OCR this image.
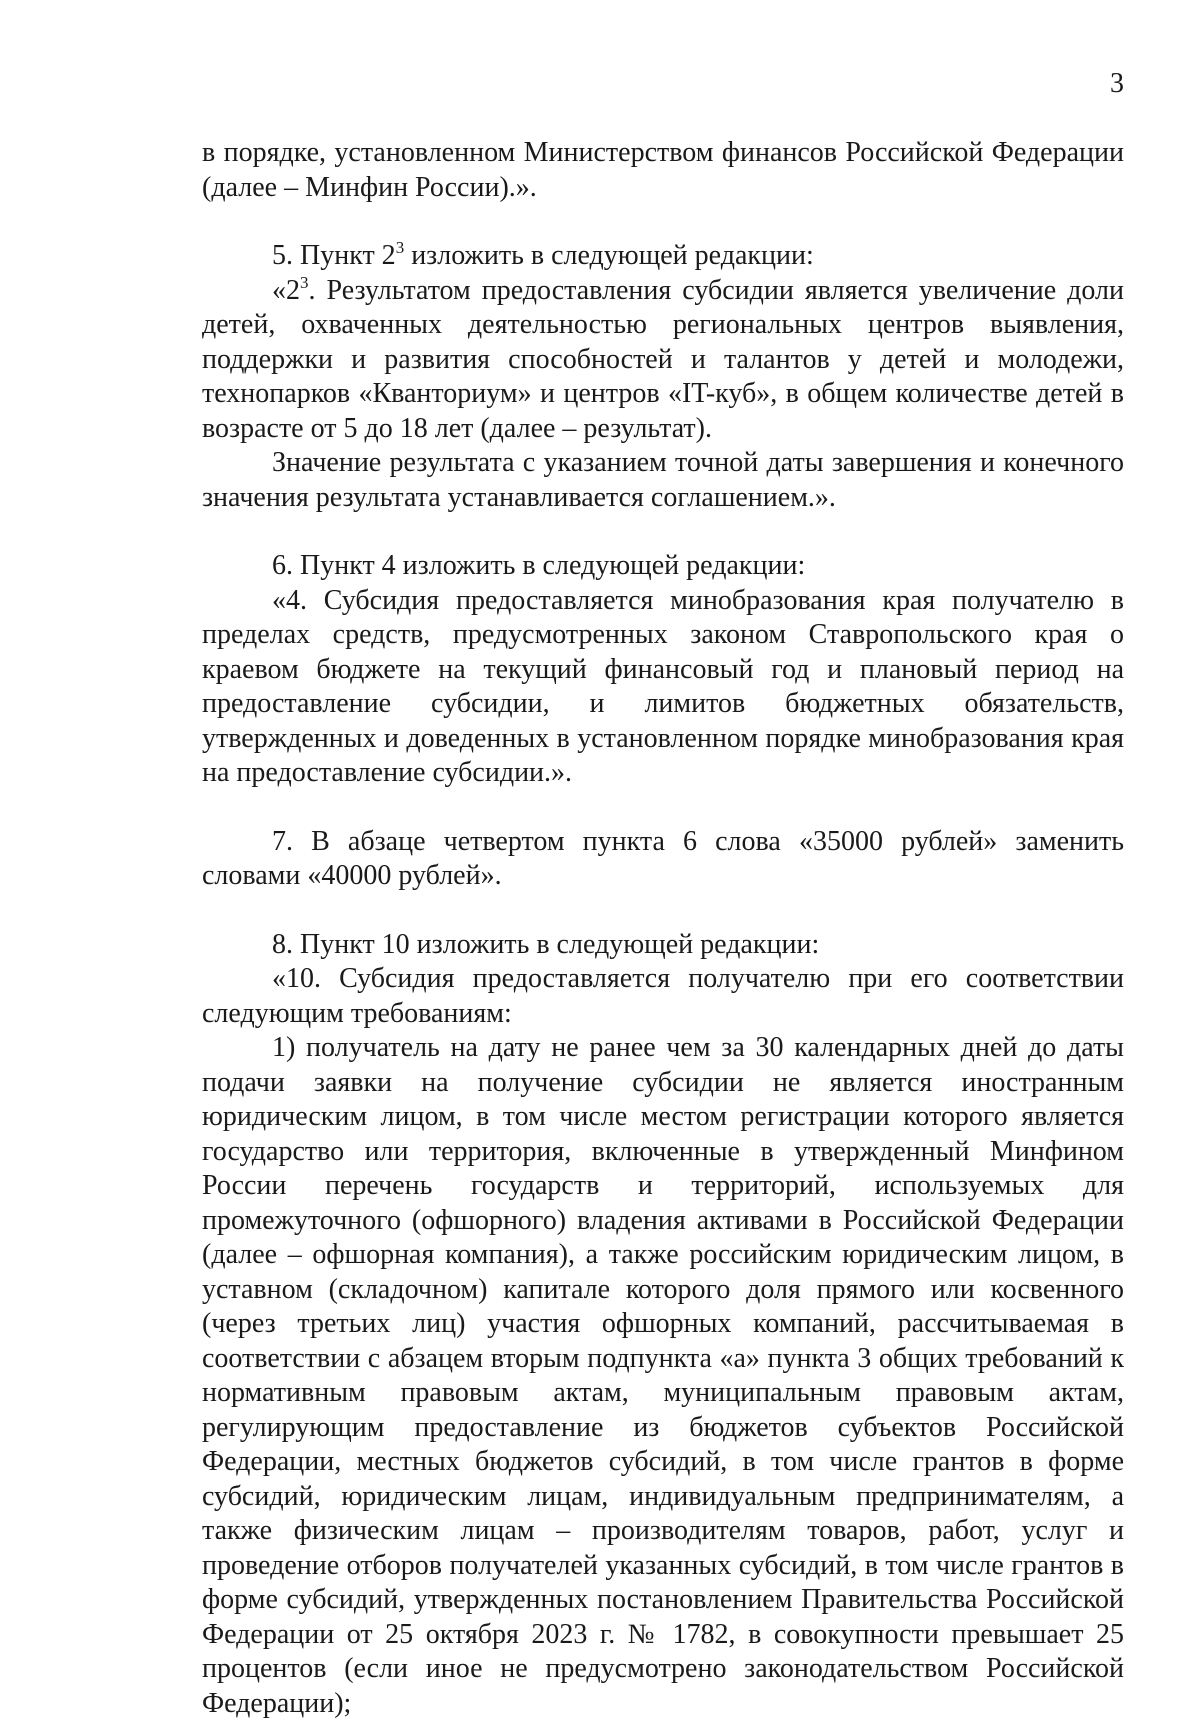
3

в порядке, установленном Министерством финансов Российской Федерации (далее – Минфин России).».

5. Пункт $2^3$ изложить в следующей редакции:

«$2^3$. Результатом предоставления субсидии является увеличение доли детей, охваченных деятельностью региональных центров выявления, поддержки и развития способностей и талантов у детей и молодежи, технопарков «Кванториум» и центров «IT-куб», в общем количестве детей в возрасте от 5 до 18 лет (далее – результат).

Значение результата с указанием точной даты завершения и конечного значения результата устанавливается соглашением.».

6. Пункт 4 изложить в следующей редакции:

«4. Субсидия предоставляется минобразования края получателю в пределах средств, предусмотренных законом Ставропольского края о краевом бюджете на текущий финансовый год и плановый период на предоставление субсидии, и лимитов бюджетных обязательств, утвержденных и доведенных в установленном порядке минобразования края на предоставление субсидии.».

7. В абзаце четвертом пункта 6 слова «35000 рублей» заменить словами «40000 рублей».

8. Пункт 10 изложить в следующей редакции:

«10. Субсидия предоставляется получателю при его соответствии следующим требованиям:

1) получатель на дату не ранее чем за 30 календарных дней до даты подачи заявки на получение субсидии не является иностранным юридическим лицом, в том числе местом регистрации которого является государство или территория, включенные в утвержденный Минфином России перечень государств и территорий, используемых для промежуточного (офшорного) владения активами в Российской Федерации (далее – офшорная компания), а также российским юридическим лицом, в уставном (складочном) капитале которого доля прямого или косвенного (через третьих лиц) участия офшорных компаний, рассчитываемая в соответствии с абзацем вторым подпункта «а» пункта 3 общих требований к нормативным правовым актам, муниципальным правовым актам, регулирующим предоставление из бюджетов субъектов Российской Федерации, местных бюджетов субсидий, в том числе грантов в форме субсидий, юридическим лицам, индивидуальным предпринимателям, а также физическим лицам – производителям товаров, работ, услуг и проведение отборов получателей указанных субсидий, в том числе грантов в форме субсидий, утвержденных постановлением Правительства Российской Федерации от 25 октября 2023 г. № 1782, в совокупности превышает 25 процентов (если иное не предусмотрено законодательством Российской Федерации);
